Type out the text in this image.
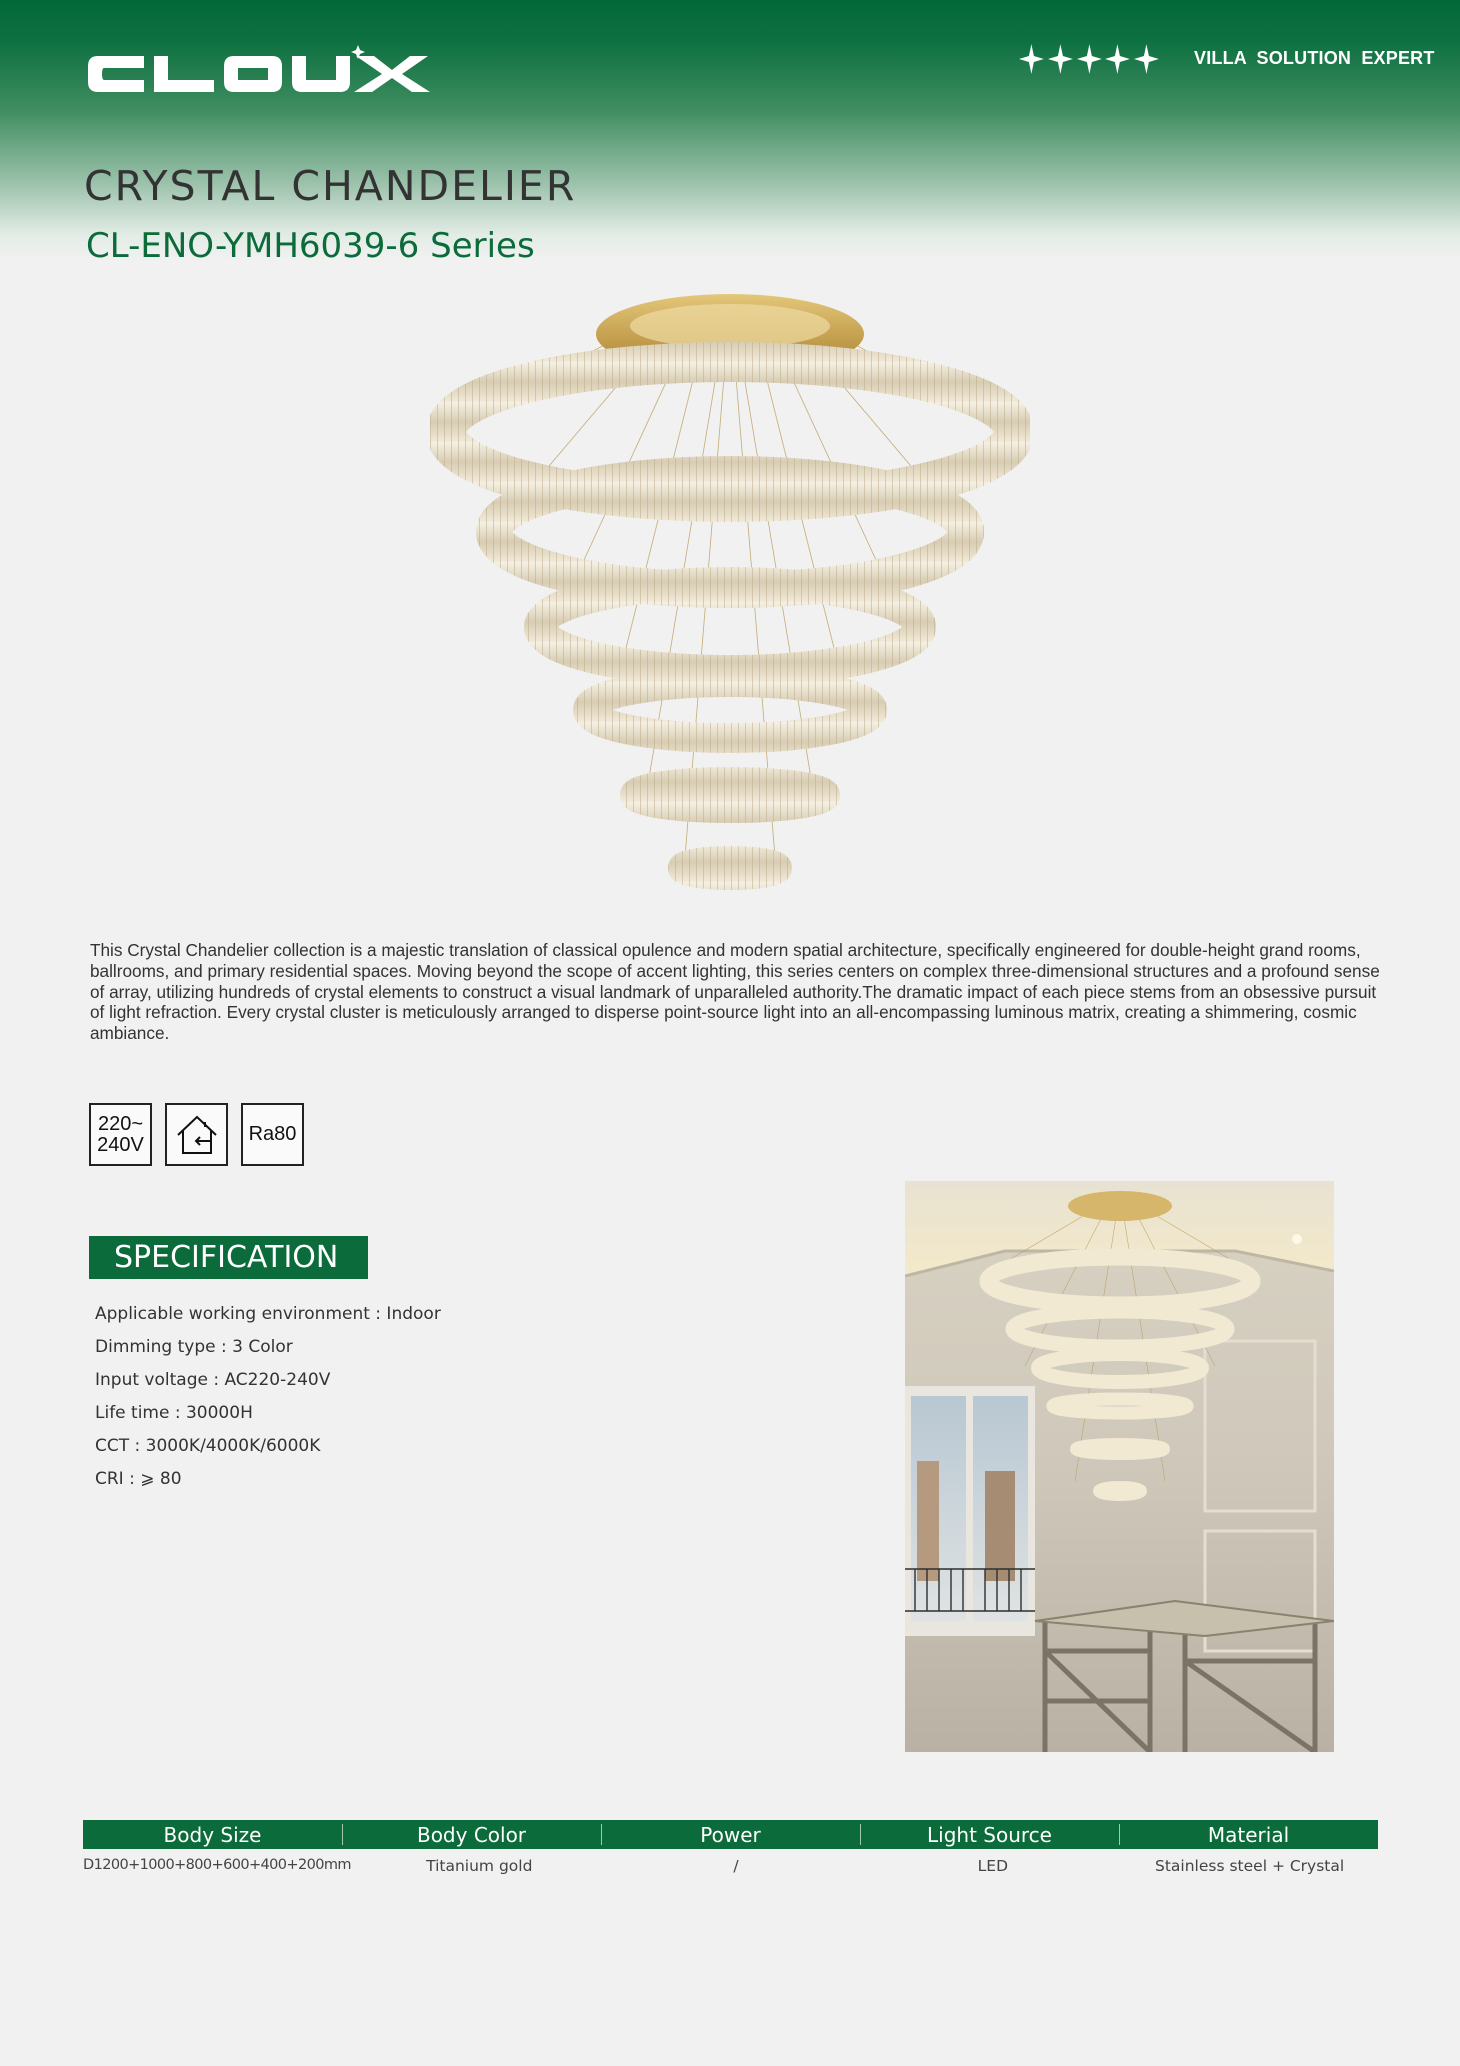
VILLA SOLUTION EXPERT
CRYSTAL CHANDELIER
CL-ENO-YMH6039-6 Series

This Crystal Chandelier collection is a majestic translation of classical opulence and modern spatial architecture, specifically engineered for double-height grand rooms, ballrooms, and primary residential spaces. Moving beyond the scope of accent lighting, this series centers on complex three-dimensional structures and a profound sense of array, utilizing hundreds of crystal elements to construct a visual landmark of unparalleled authority.The dramatic impact of each piece stems from an obsessive pursuit of light refraction. Every crystal cluster is meticulously arranged to disperse point-source light into an all-encompassing luminous matrix, creating a shimmering, cosmic ambiance.

220~
240V	Ra80
SPECIFICATION
Applicable working environment : Indoor
Dimming type : 3 Color
Input voltage : AC220-240V
Life time : 30000H
CCT : 3000K/4000K/6000K
CRI : ⩾ 80
Body Size	Body Color	Power	Light Source	Material
D1200+1000+800+600+400+200mm	Titanium gold	/	LED	Stainless steel + Crystal
